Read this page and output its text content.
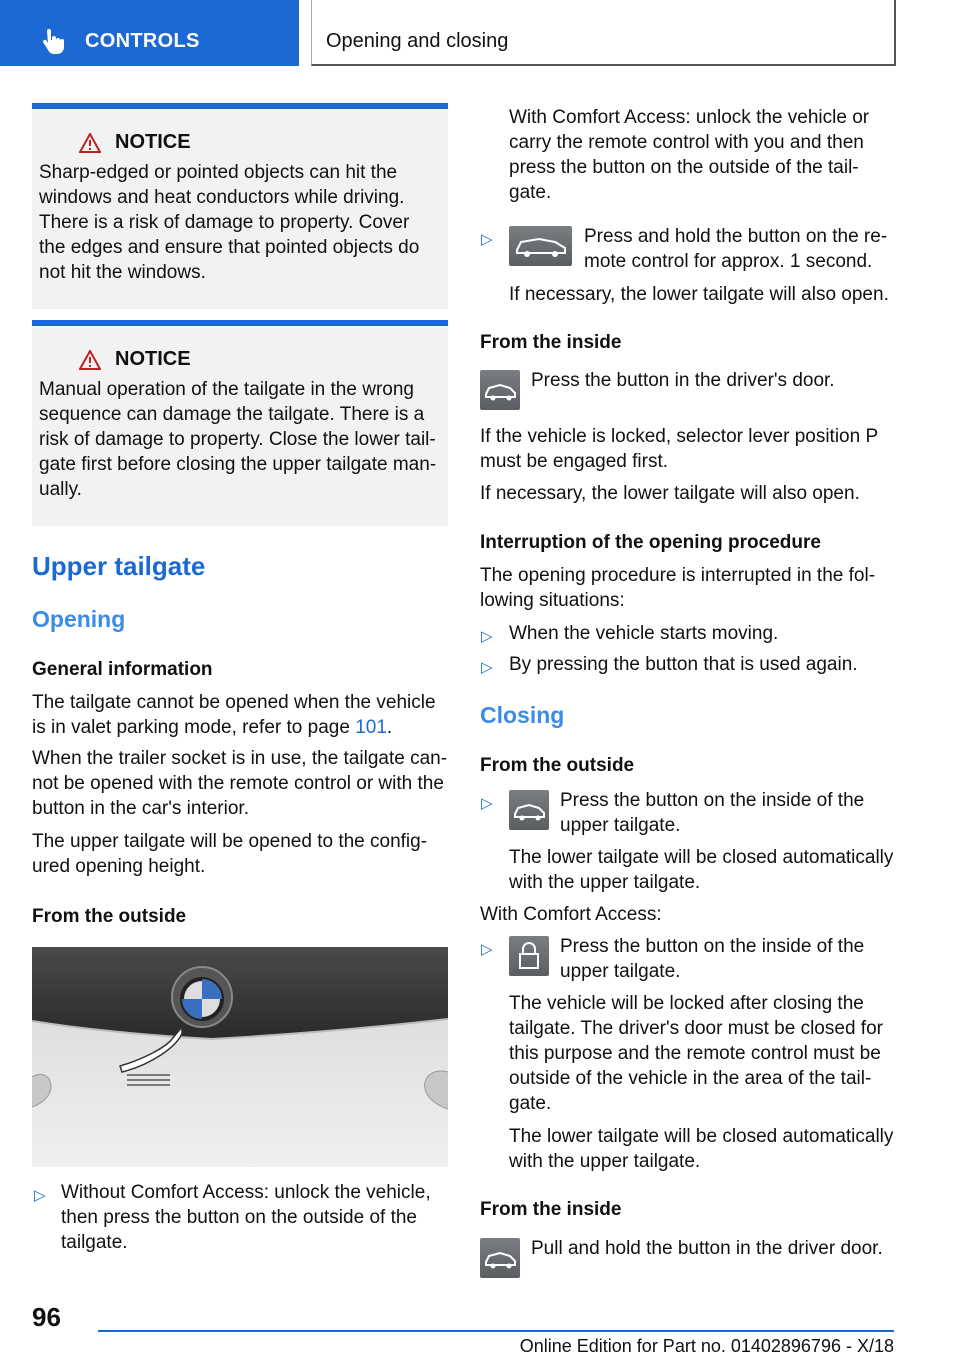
CONTROLS	Opening and closing
NOTICE

Sharp-edged or pointed objects can hit the windows and heat conductors while driving. There is a risk of damage to property. Cover the edges and ensure that pointed objects do not hit the windows.

NOTICE

Manual operation of the tailgate in the wrong sequence can damage the tailgate. There is a risk of damage to property. Close the lower tail-gate first before closing the upper tailgate man-ually.

Upper tailgate
Opening
General information

The tailgate cannot be opened when the vehicle is in valet parking mode, refer to page 101.

When the trailer socket is in use, the tailgate can-not be opened with the remote control or with the button in the car's interior.

The upper tailgate will be opened to the config-ured opening height.

From the outside
▷ Without Comfort Access: unlock the vehicle, then press the button on the outside of the tailgate.

With Comfort Access: unlock the vehicle or carry the remote control with you and then press the button on the outside of the tail-gate.

▷	Press and hold the button on the re-mote control for approx. 1 second.

If necessary, the lower tailgate will also open.

From the inside

Press the button in the driver's door.

If the vehicle is locked, selector lever position P must be engaged first.

If necessary, the lower tailgate will also open.

Interruption of the opening procedure

The opening procedure is interrupted in the fol-lowing situations:

▷ When the vehicle starts moving.

▷ By pressing the button that is used again.

Closing
From the outside
▷	Press the button on the inside of the upper tailgate.

The lower tailgate will be closed automatically with the upper tailgate.

With Comfort Access:

▷	Press the button on the inside of the upper tailgate.

The vehicle will be locked after closing the tailgate. The driver's door must be closed for this purpose and the remote control must be outside of the vehicle in the area of the tail-gate.

The lower tailgate will be closed automatically with the upper tailgate.

From the inside

Pull and hold the button in the driver door.

96
Online Edition for Part no. 01402896796 - X/18
